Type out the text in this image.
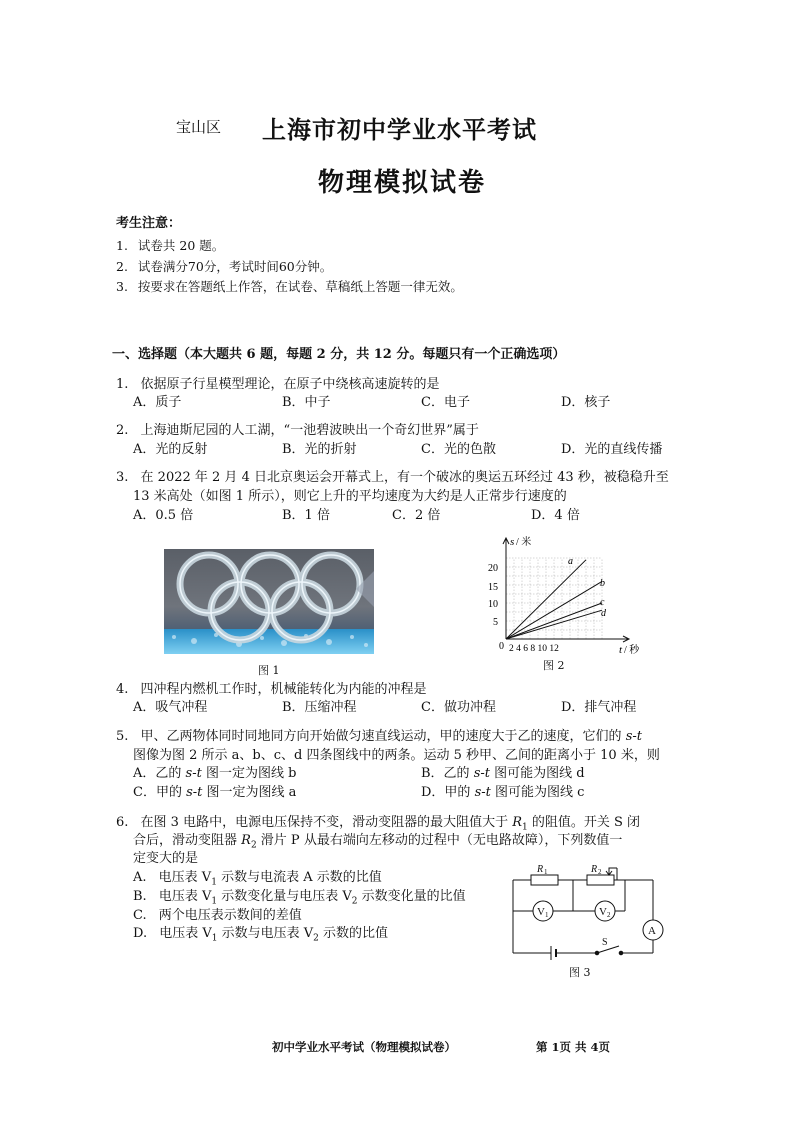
宝山区 上海市初中学业水平考试
物理模拟试卷
考生注意：
1. 试卷共 20 题。
2. 试卷满分70分，考试时间60分钟。
3. 按要求在答题纸上作答，在试卷、草稿纸上答题一律无效。
一、选择题（本大题共 6 题，每题 2 分，共 12 分。每题只有一个正确选项）
1. 依据原子行星模型理论，在原子中绕核高速旋转的是
A．质子	B．中子	C．电子	D．核子
2. 上海迪斯尼园的人工湖，“一池碧波映出一个奇幻世界”属于
A．光的反射	B．光的折射	C．光的色散	D．光的直线传播
3. 在 2022 年 2 月 4 日北京奥运会开幕式上，有一个破冰的奥运五环经过 43 秒，被稳稳升至
13 米高处（如图 1 所示），则它上升的平均速度为大约是人正常步行速度的
A．0.5 倍	B．1 倍	C．2 倍	D．4 倍
图 1
s / 米
t / 秒
20
15
10
5
0 2 4 6 8 10 12
a
b
c
d
图 2
4. 四冲程内燃机工作时，机械能转化为内能的冲程是
A．吸气冲程	B．压缩冲程	C．做功冲程	D．排气冲程
5. 甲、乙两物体同时同地同方向开始做匀速直线运动，甲的速度大于乙的速度，它们的 s-t
图像为图 2 所示 a、b、c、d 四条图线中的两条。运动 5 秒甲、乙间的距离小于 10 米，则
A．乙的 s-t 图一定为图线 b	B．乙的 s-t 图可能为图线 d
C．甲的 s-t 图一定为图线 a	D．甲的 s-t 图可能为图线 c
6. 在图 3 电路中，电源电压保持不变，滑动变阻器的最大阻值大于 $R_1$ 的阻值。开关 S 闭
合后，滑动变阻器 $R_2$ 滑片 P 从最右端向左移动的过程中（无电路故障），下列数值一
定变大的是
A. 电压表 $V_1$ 示数与电流表 A 示数的比值
B. 电压表 $V_1$ 示数变化量与电压表 $V_2$ 示数变化量的比值
C. 两个电压表示数间的差值
D. 电压表 $V_1$ 示数与电压表 $V_2$ 示数的比值
R 1	R 2
V 1	V 2
A
S
图 3
初中学业水平考试（物理模拟试卷）	第 1页 共 4页
